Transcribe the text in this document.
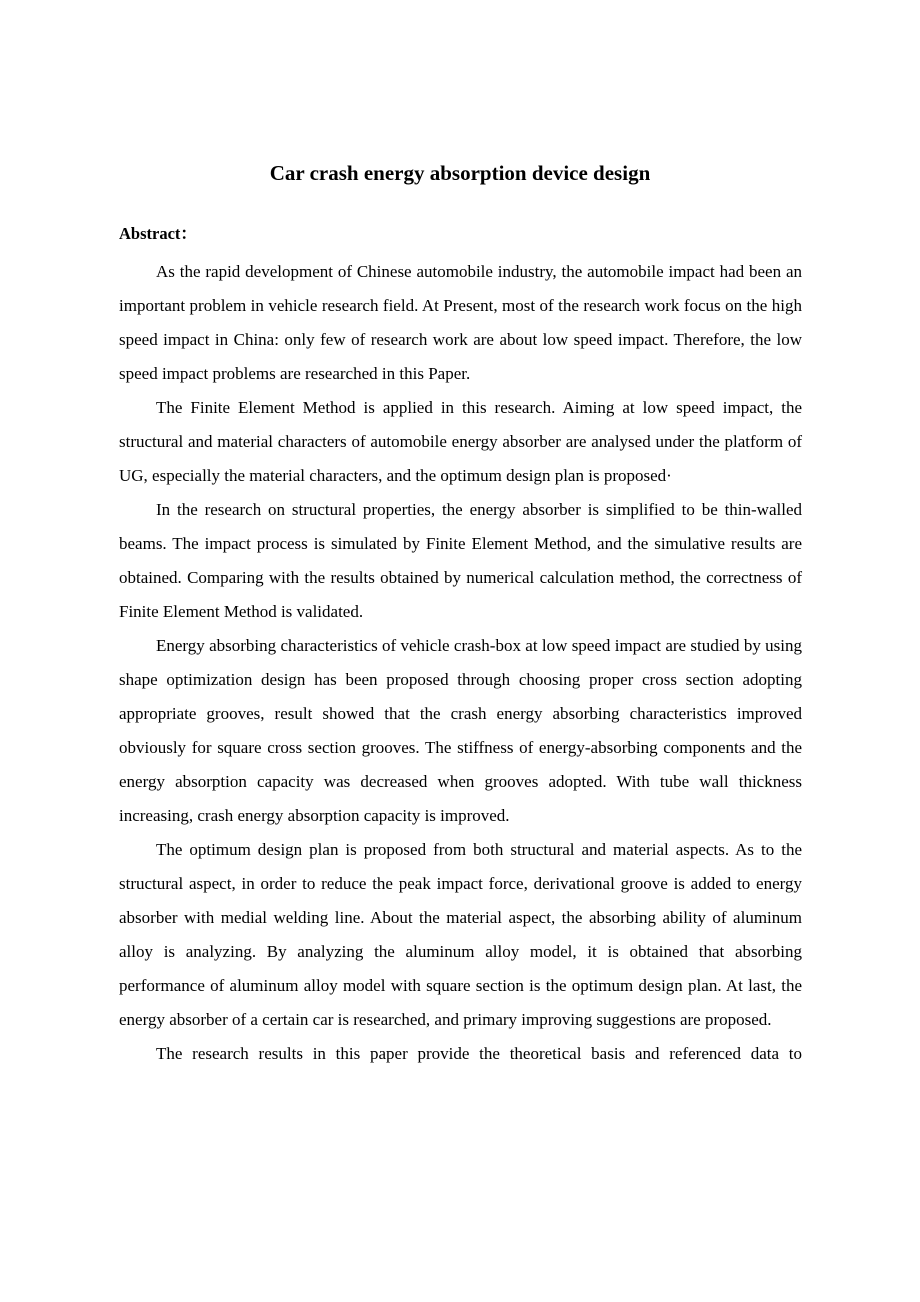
Car crash energy absorption device design
Abstract：

As the rapid development of Chinese automobile industry, the automobile impact had been an important problem in vehicle research field. At Present, most of the research work focus on the high speed impact in China: only few of research work are about low speed impact. Therefore, the low speed impact problems are researched in this Paper.

The Finite Element Method is applied in this research. Aiming at low speed impact, the structural and material characters of automobile energy absorber are analysed under the platform of UG, especially the material characters, and the optimum design plan is proposed·

In the research on structural properties, the energy absorber is simplified to be thin-walled beams. The impact process is simulated by Finite Element Method, and the simulative results are obtained. Comparing with the results obtained by numerical calculation method, the correctness of Finite Element Method is validated.

Energy absorbing characteristics of vehicle crash-box at low speed impact are studied by using shape optimization design has been proposed through choosing proper cross section adopting appropriate grooves, result showed that the crash energy absorbing characteristics improved obviously for square cross section grooves. The stiffness of energy-absorbing components and the energy absorption capacity was decreased when grooves adopted. With tube wall thickness increasing, crash energy absorption capacity is improved.

The optimum design plan is proposed from both structural and material aspects. As to the structural aspect, in order to reduce the peak impact force, derivational groove is added to energy absorber with medial welding line. About the material aspect, the absorbing ability of aluminum alloy is analyzing. By analyzing the aluminum alloy model, it is obtained that absorbing performance of aluminum alloy model with square section is the optimum design plan. At last, the energy absorber of a certain car is researched, and primary improving suggestions are proposed.

The research results in this paper provide the theoretical basis and referenced data to
